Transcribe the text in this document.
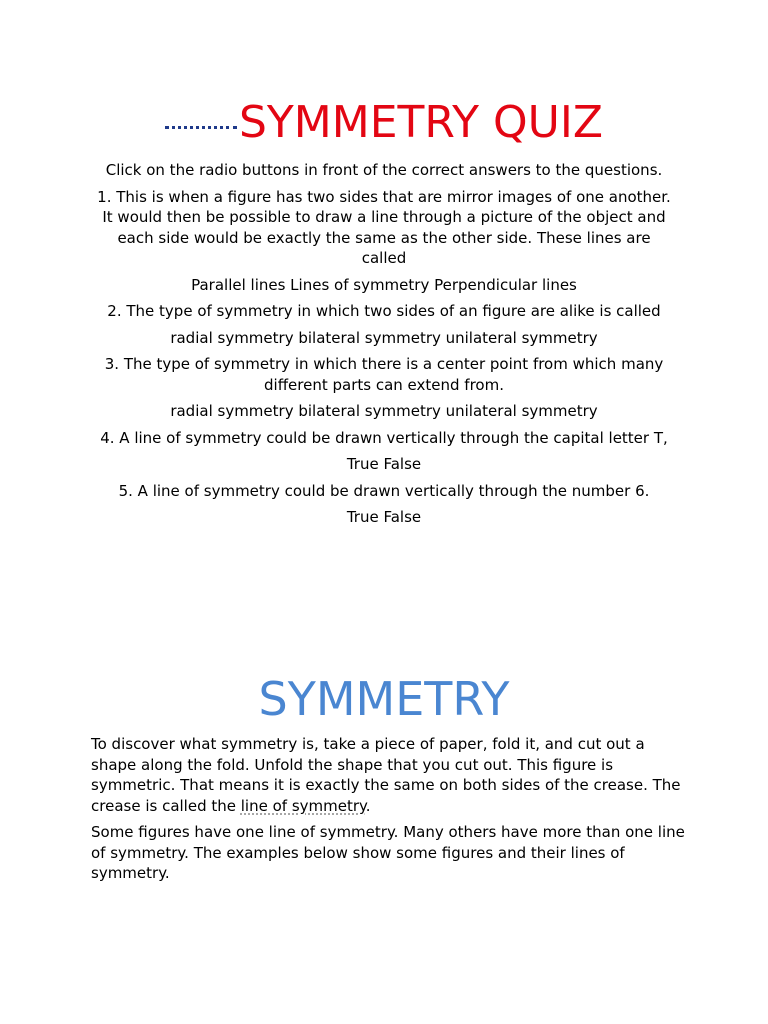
SYMMETRY QUIZ

Click on the radio buttons in front of the correct answers to the questions.

1. This is when a figure has two sides that are mirror images of one another. It would then be possible to draw a line through a picture of the object and each side would be exactly the same as the other side. These lines are called

Parallel lines Lines of symmetry Perpendicular lines

2. The type of symmetry in which two sides of an figure are alike is called

radial symmetry bilateral symmetry unilateral symmetry

3. The type of symmetry in which there is a center point from which many different parts can extend from.

radial symmetry bilateral symmetry unilateral symmetry

4. A line of symmetry could be drawn vertically through the capital letter T,

True False

5. A line of symmetry could be drawn vertically through the number 6.

True False

SYMMETRY

To discover what symmetry is, take a piece of paper, fold it, and cut out a shape along the fold. Unfold the shape that you cut out. This figure is symmetric. That means it is exactly the same on both sides of the crease. The crease is called the line of symmetry.

Some figures have one line of symmetry. Many others have more than one line of symmetry. The examples below show some figures and their lines of symmetry.
